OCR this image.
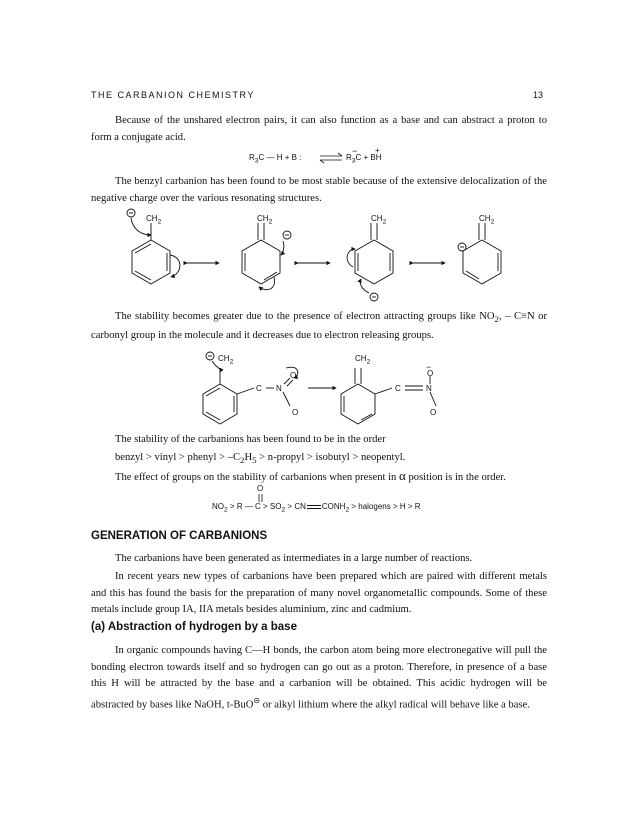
THE CARBANION CHEMISTRY	13
Because of the unshared electron pairs, it can also function as a base and can abstract a proton to form a conjugate acid.
$R_3C$ — H + B : ⇌ $R_3C$ + BH
− +
The benzyl carbanion has been found to be most stable because of the extensive delocalization of the negative charge over the various resonating structures.
$CH_2$	$CH_2$	$CH_2$	$CH_2$
The stability becomes greater due to the presence of electron attracting groups like $NO_2$, – C≡N or carbonyl group in the molecule and it decreases due to electron releasing groups.
$CH_2$
C N
O
O
$CH_2$
C	N
O
O
−
The stability of the carbanions has been found to be in the order
benzyl > vinyl > phenyl > $-C_2H_5$ > n-propyl > isobutyl > neopentyl.
The effect of groups on the stability of carbanions when present in α position is in the order.
O
$NO_2 > R$ — $C > SO_2$ > CN $CONH_2$ > halogens > H > R
GENERATION OF CARBANIONS
The carbanions have been generated as intermediates in a large number of reactions.
In recent years new types of carbanions have been prepared which are paired with different metals and this has found the basis for the preparation of many novel organometallic compounds. Some of these metals include group IA, IIA metals besides aluminium, zinc and cadmium.
(a) Abstraction of hydrogen by a base
In organic compounds having C—H bonds, the carbon atom being more electronegative will pull the bonding electron towards itself and so hydrogen can go out as a proton. Therefore, in presence of a base this H will be attracted by the base and a carbanion will be obtained. This acidic hydrogen will be abstracted by bases like NaOH, t-BuO⊝ or alkyl lithium where the alkyl radical will behave like a base.
